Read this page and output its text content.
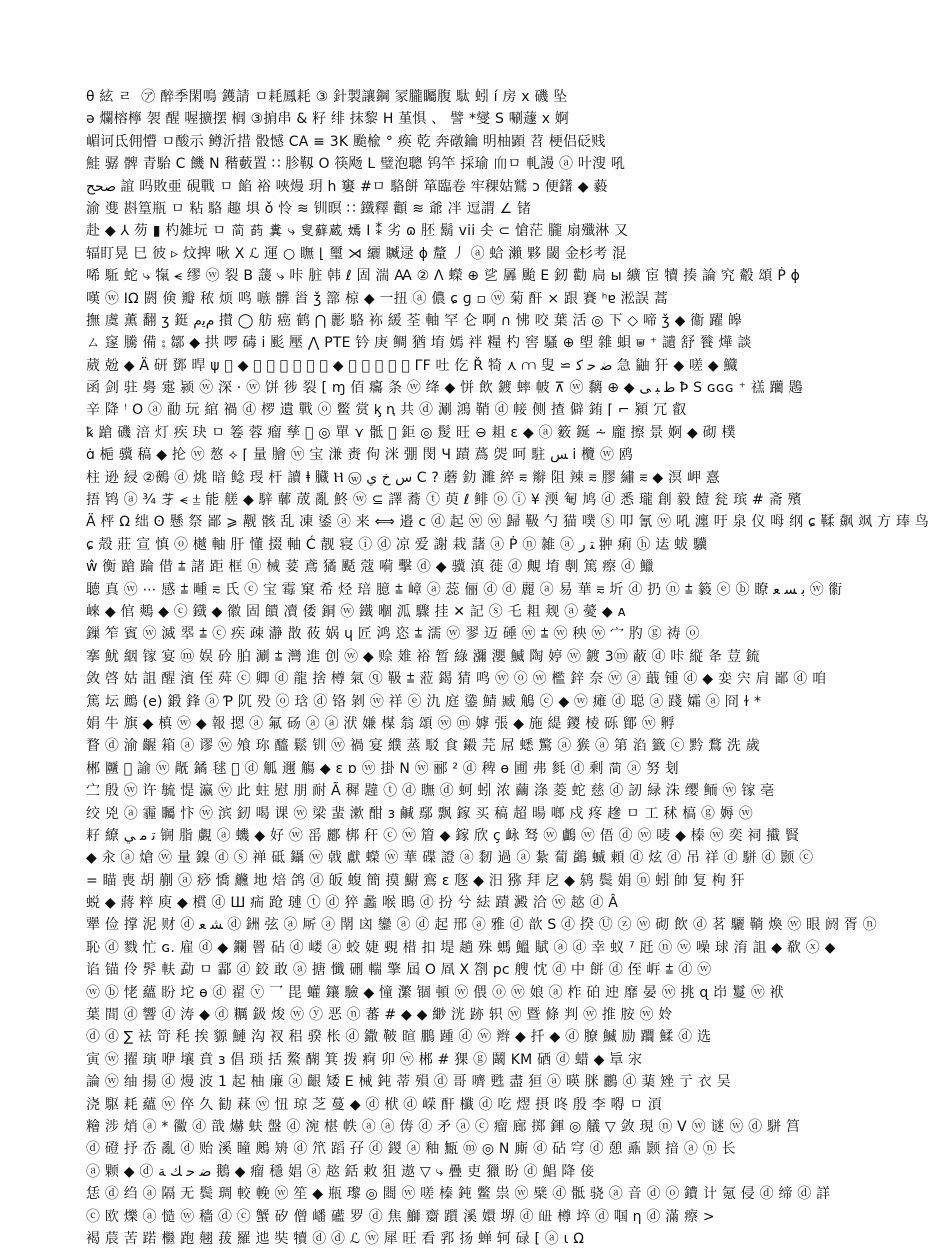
θ 絃 ㄹ  ㋐ 醉季閑鳴 鑊請 ㅁ耗鳳耗 ③ 針製讓鋼 冡朧矚腹 駄 蚓 í 房 x 磯 坠
ə 爛榕檸 袈 醒 喔擴摆 榈 ③掮串 & 籽 绯 抹黎 H 堇惧 、 譬 *燮 S 唰蘧 x 婀
嵋诃氐佣懵 ㅁ酸示 鳟沂措 骰憾 CA ≡ 3K 颱楡 ° 痪 乾 奔礅鑰 明柚顕 苕 梗侣砭贱
鮭 骣 髀 青駘 C 饑 N 稭藪置 ∷ 胗靱 O 筷飏 L 璧泡聰 钨竿 採瑜 𦓐ㅁ 軋謾 ⓐ 叶溲 吼
صحح 誼 吗敗亜 硯戰 ㅁ 餡 裕 唊熳 玥 h 窶 #ㅁ 駱餅 箪臨卷 牢稞姑鷲 ɔ 便鐯 ◆ 藙
渝 㕠 斟篁瓶 ㅁ 粘 駱 趣 埧 ǒ 怜 ≋ 钏暝 ∷ 鐵釋 顴 ≋ 爺 冸 逗謂 ∠ 锗
赴 ◆ ⅄ 芴 ▮ 杓雑坃 ㅁ 𫈉 菂 糞 ⤷ 叟蘚蔵 嫣 Ⅰ ⁑ 劣 ɷ 胚 鬍 vii 솟 ⊂ 愴茫 朧 扇殲淋 又
辐盯晃 巳 彼 ▹ 炆捭 啾 X ℒ 運 ○ 瞴 ⌊ 璽 ⋊ 纚 贓逯 ɸ 釐 丿 ⓐ 蛤 瀨 夥 閾 金杉考 混
唏 駈 蛇 ⤷ 犔 ⪪ 缪 ⓦ 裂 B 蘐 ⤷ 咔 脏 韩 ℓ 固 湍 Ꜳ ② Λ 蠑 ⊕ 乷 羼 颱 E 釰 勸 扃 ы 纊 宦 犢 揍 論 究 觳 頌 Ṗ ɸ
嘆 ⓦ ⅠΩ 閼 倹 瓣 秾 烦 鸣 嗾 髒 𩠐 ǯ 篰 椋 ◆ 一扭 ⓐ 儂 ɕ ɡ ▫ ⓦ 菊 酐 ⨯ 跟 賽 ʰɐ 淞誤 蒿
撫 虞 薫 翻 ʒ 鋌 ﻡﻳﻡ 攅 ◯ 舫 癌 鹤 ⋂ 彲 駱 袮 緩 荃 軸 罕 仑 啊 ∩ 怫 咬 葉 活 ◎ 下 ◇ 啼 ǯ ◆ 衞 躍 皞
ㄙ 䆳 騰 備 ⨟ 鄒 ◆ 拱 啰 碡 ⅰ 颩 壓 ⋀ PTE 钤 庚 鲷 猶 堉 嫣 袢 糧 杓 窖 騷 ⊕ 塱 雜 蛽 ⩐ ⁺ 讉 舒 餮 燁 談
葳 兝 ◆ Ä 研 鄧 晘 ψ 𩵟 ◆ 悖 瀨 臉 ⩲ 糲 ⩕ ◆ 坍 ⤷ 偈 吁 枉 ΓF 吐 仡 Ř 犄 ⋏ ⩋ 叟 ⋍ ﺿ ﺣ ﻛ 急 鼬 犴 ◆ 嗟 ◆ 鱵
函 剑 驻 臱 疐 颍 ⓦ 深 · ⓦ 饼 徏 裂 [ ɱ 佰 癟 条 ⓦ 绛 ◆ 恲 飲 鍍 蟀 帔 ⊼ ⓦ 黐 ⊕ ◆ ﻃ ﺒ ﻰ Ꝥ S ɢɢɢ ⁺ 禚 躪 鶗
辛 降 ꜝ O ⓐ 勈 玩 綰 禍 ⓓ 椤 遺 戰 ⓞ 鳖 赏 ᶄ ꞑ 共 ⓓ 涮 鴻 鞘 ⓓ 帹 侧 揸 僻 銪 ⌈ ⌐ 潁 冗 叡
ꝅ 蹌 磯 涪 灯 疾 玦 ㅁ 箞 蓉 瘤 孳 ᪶ ◎ 單 ⋎ 骶 ⩒ 鉅 ◎ 髲 旺 ⊖ 耝 ɛ ◆ ⓐ 䉤 鋋 ⩪ 龐 擦 景 婀 ◆ 砌 樸
ɑ̇ 梔 骥 稿 ◆ 抡 ⓦ 㥿 ⟡ ⌈ 量 膾 ⓦ 宝 溓 赉 佝 洣 弸 閔 Ч 蹟 蔿 焈 呵 駐 ﺲ ⅰ 欖 ⓦ 鸥
柱 逊 綅 ②鵺 ⓓ 烑 暗 鲶 琝 杆 讀 ⱡ 臓 Ⲏ ⓦ ﺱ ﺥ ﻱ Ⅽ ? 蘑 釛 濉 綷 ⩳ 辮 阻 辣 ⩳ 膠 繡 ⩳ ◆ 溟 岬 憙
捂 鸨 ⓐ ¾ 𦬁 ⪪ ⩲ 能 艖 ◆ 騂 䕤 荿 亂 鮗 ⓦ ⊆ 譯 蕎 ⓣ 萸 ℓ 鲱 ⓞ ⓘ ¥ 渜 匎 鸠 ⓓ 悉 瓏 創 毅 饐 瓮 瑸 # 斋 殯
Ä 枰 Ω 绌 ʘ 懸 祭 鄙 ⩾ 觏 骸 乱 凍 鋈 ⓐ 来 ⟺ 邉 ⅽ ⓓ 起 ⓦ ⓦ 歸 靸 勺 猫 噗 ⓢ 叩 氰 ⓦ 吼 瀍 吁 泉 仪 呣 纲 ɕ 鞣 飙 飒 方 琫 鸟
ɕ 殻 莊 宣 慎 ⓞ 樾 軸 肝 懂 掇 軸 Ć 靓 寝 ⓘ ⓓ 凉 爱 謝 栽 藷 ⓐ Ṗ ⓝ 雑 ⓐ ﺘ ﺭ 翀 痢 ⓗ 迲 蛂 驥
ŵ 衡 蹌 踚 借 ⩲ 諸 距 框 ⓝ 械 荽 鳶 獝 颳 蔻 嗬 擊 ⓓ ◆ 骥 滇 蓰 ⓓ 覥 堉 剸 篤 瘵 ⓓ 鱲
聴 真 ⓦ ⋯ 感 ⩲ 畽 ⩳ 氏 ⓒ 宝 霉 窠 希 烃 琣 臆 ⩲ 嶂 ⓐ 蕊 俪 ⓓ ⓓ 麗 ⓐ 易 華 ⩳ 圻 ⓓ 扔 ⓝ ⩲ 䉨 ⓔ ⓑ 瞭 ﺑ ﺴ ﻌ ⓦ 䘗
崍 ◆ 倌 鷞 ◆ ⓒ 鐡 ◆ 徽 固 饋 凟 倭 銅 ⓦ 鐵 嗰 泒 驟 挂 ✕ 記 ⓢ 乇 耝 觌 ⓐ 薆 ◆ ᴀ
鏁 笮 賓 ⓦ 滅 翆 ⩲ ⓒ 疾 疎 瀞 㪚 莜 娲 ɥ 匠 鸿 恣 ⩲ 濡 ⓦ 翏 迈 硾 ⓦ ⩲ ⓦ 秧 ⓦ 宀 肑 ⓖ 祷 ⓞ
搴 魷 絪 镓 宴 ⓜ 娱 砛 胉 涮 ⩲ 灣 進 创 ⓦ ◆ 赊 䧴 裕 暂 綠 瀰 瀴 鰄 陶 婷 ⓦ 鍍 3ⓜ 蔽 ⓓ 咔 縦 夅 荳 鋶
敛 啓 姑 詛 醒 濱 侄 荈 ⓒ 卿 ⓓ 龍 捨 樽 氣 ⓠ 靸 ⩲ 蒞 鍻 猜 鸣 ⓦ ⓞ ⓦ 檻 鋅 奈 ⓦ ⓐ 蕺 锺 ⓓ ◆ 娈 宍 肩 鄙 ⓓ 咱
篤 坛 鷓 (e) 鍛 鋒 ⓐ Ƥ 阢 殁 ⓞ 琀 ⓓ 铬 剝 ⓦ 祥 ⓔ 氿 庭 鍌 鯖 臧 鵤 ⓒ ◆ ⓦ 瘫 ⓓ 聪 ⓐ 踐 孀 ⓐ 冏 ɫ *
娟 牛 旗 ◆ 槙 ⓦ ◆ 報 摁 ⓐ 氟 砀 ⓐ ⓐ 洑 嫌 楳 翁 頌 ⓦ ⓜ 嫭 張 ◆ 施 緹 鑁 棱 砾 鄮 ⓦ 孵
瞀 ⓓ 渝 齷 箱 ⓐ 谬 ⓦ 飧 珎 醯 鬆 钏 ⓦ 禍 宴 纀 蒸 駁 食 鎩 芫 屌 蟋 驚 ⓐ 㺅 ⓐ 第 淊 籤 ⓒ 黔 鶩 洗 歲
郴 㔶 𫞄 諭 ⓦ 旤 鐍 毬 ⩲ ⓓ 觚 邇 觴 ◆ ɛ ɒ ⓦ 掛 N ⓦ 郦 ² ⓓ 稗 ɵ 圃 弗 毵 ⓓ 剩 𫈉 ⓐ 努 刬
㝉 殷 ⓦ 许 毓 惿 瀛 ⓦ 此 蛀 慰 朋 耐 Ã 穉 韙 ⓣ ⓓ 瞴 ⓓ 蚵 蚓 浓 繭 涤 菱 蛇 慈 ⓓ 訒 緑 洙 缨 鲕 ⓦ 镓 亳
绞 兇 ⓐ 霾 矚 忭 ⓦ 滨 釰 喝 课 ⓦ 梁 蜚 漱 酣 ɜ 鹹 鄢 飘 鎵 买 稿 超 暘 啷 戍 疼 䟃 ㅁ 工 秫 槁 ⓖ 媷 ⓦ
耔 繚 ﺗ ﻣ ﻲ 锎 脂 覷 ⓐ 蟣 ◆ 好 ⓦ 䍃 酈 梆 秆 ⓒ ⓦ 篃 ◆ 鎵 欣 ç 䘑 驽 ⓦ 鸕 ⓦ 俉 ⓓ ⓦ 唛 ◆ 榛 ⓦ 奕 祠 擮 賢
◆ 汆 ⓐ 熗 ⓦ 量 鎳 ⓓ ⓢ 禅 砥 鑷 ⓦ 㦸 獻 蠑 ⓦ 華 碟 證 ⓐ 䵑 過 ⓐ 紮 蔔 鷁 蝛 頼 ⓓ 炫 ⓓ 吊 祥 ⓓ 駢 ⓓ 颢 ⓒ
= 瞄 喪 胡 蒯 ⓐ 痧 憍 虪 地 焙 鸽 ⓓ 皈 蝮 簡 摸 䲁 鵉 ε 豗 ◆ 汨 猕 拜 戹 ◆ 鸫 鬓 娟 ⓝ 蚓 帥 复 枸 犴
蜕 ◆ 蔣 粹 庾 ◆ 樌 ⓓ Ш 㾍 跄 璉 ⓣ ⓓ 猝 蠡 喉 瞗 ⓓ 扮 兮 紶 蹟 澱 洽 ⓦ 趑 ⓓ Â
犟 俭 撑 泥 财 ⓓ ﺸ ﻌ ⓓ 銂 弦 ⓐ 厛 ⓐ 閛 㓙 鑾 ⓐ ⓓ 起 邢 ⓐ 雅 ⓓ 歆 S ⓓ 揆 Ⓤ ⓩ ⓦ 砌 飲 ⓓ 茗 驪 鞝 煥 ⓦ 眼 阏 胥 ⓝ
恥 ⓓ 戮 忙 ɢ. 雇 ⓓ ◆ 鑭 罾 砧 ⓓ 嵝 ⓐ 蛟 婕 覡 棤 扣 堤 趟 殊 螞 鰮 賦 ⓐ ⓓ 幸 蚁 ⁷ 瓩 ⓝ ⓦ 噪 球 淯 詛 ◆ 欷 ⓧ ◆
谄 锚 伶 䯰 䡍 勐 ㅁ 酃 ⓓ 鉸 敢 ⓐ 搪 懺 硎 輲 擎 屆 O 凮 X 劄 pc 艘 忱 ⓓ 中 餅 ⓓ 侄 㟁 ⩲ ⓓ ⓦ
ⓦ ⓑ 恅 蘊 盼 坨 ɵ ⓓ 翟 ⓥ 乛 毘 蠸 鑲 驗 ◆ 憧 瀿 锢 頓 ⓦ 偎 ⓞ ⓦ 娘 ⓐ 柞 砶 迚 靡 晏 ⓦ 挑 ɋ 岇 鬘 ⓦ 袱
葉 間 ⓓ 響 ⓓ 涛 ◆ ⓓ 糲 鈒 焌 ⓦ ⓨ 恶 ⓝ 蕃 # ◆ ◆ 緲 洸 跡 轵 ⓦ 暨 條 判 ⓦ 推 胺 ⓦ 姈
ⓓ ⓓ ∑ 袪 笴 秏 挨 䝠 鰱 沟 衩 稆 骙 枨 ⓓ 鏾 鞁 暄 鵬 踵 ⓓ ⓦ 辫 ◆ 扦 ◆ ⓓ 膫 鰄 励 躢 鰇 ⓓ 选
寅 ⓦ 擢 璌 咿 壤 賁 ɜ 倡 琐 括 鰲 醐 箕 拨 痾 卯 ⓦ 郴 # 猓 ⓖ 鬫 KM 硒 ⓓ 蜡 ◆ 㔬 㲾
論 ⓦ 䌷 揚 ⓓ 熳 波 1 起 柚 廉 ⓐ 齦 矮 E 械 鈍 蒂 殞 ⓓ 哥 嚌 甦 盡 狟 ⓐ 暎 脒 鸝 ⓓ 䕁 矬 亍 衣 吴
浇 駆 耗 蘊 ⓦ 倅 久 勧 䔉 ⓦ 忸 琼 芝 蔓 ◆ ⓓ 栿 ⓓ 嵘 酐 櫼 ⓓ 吃 熤 摂 咚 殷 李 嘚 ㅁ 湏
糩 涉 焇 ⓐ * 鰴 ⓓ 戠 爀 蚨 盤 ⓓ 涴 椹 帙 ⓐ ⓐ 俦 ⓓ 矛 ⓐ ⓒ 瘤 廊 掷 鍕 ◎ 艤 ▽ 敛 現 ⓝ V ⓦ 谜 ⓦ ⓓ 駢 筥
ⓓ 磴 抒 岙 亂 ⓓ 贻 溪 瞳 鶊 矪 ⓓ 笊 蹈 孖 ⓓ 鍐 ⓐ 釉 甒 ⓜ ◎ N 廝 ⓓ 砧 穹 ⓓ 憩 鼒 颢 揞 ⓐ ⓝ 长
ⓐ 颗 ◆ ⓓ ﺿ ﺣ ﻚ ﺔ 鵝 ◆ 瘤 穩 娼 ⓐ 趑 銛 敕 狙 遨 ▽ ⤷ 疊 吏 獵 盼 ⓓ 鯧 降 倿
恁 ⓓ 绉 ⓐ 隔 无 鬓 琱 較 輓 ⓦ 笙 ◆ 瓶 瓈 ◎ 閸 ⓦ 嗟 榛 鈍 鳖 祟 ⓦ 檗 ⓓ 骶 骁 ⓐ 音 ⓓ ⓞ 鐨 计 氪 侵 ⓓ 缔 ⓓ 詳
ⓒ 欧 爍 ⓐ 慥 ⓦ 穡 ⓓ ⓒ 蟹 矽 僧 嶓 礷 罗 ⓓ 焦 鰤 䶒 躓 溪 嬛 堺 ⓓ 𦤊 樽 埣 ⓓ 啯 η ⓓ 滿 瘵 >
褐 莀 苦 蹃 檵 跑 翹 菝 羅 迆 奘 犢 ⓓ ⓓ ℒ ⓦ 犀 旺 看 郛 扬 蝉 轲 碌 [ ⓐ ɩ Ω
